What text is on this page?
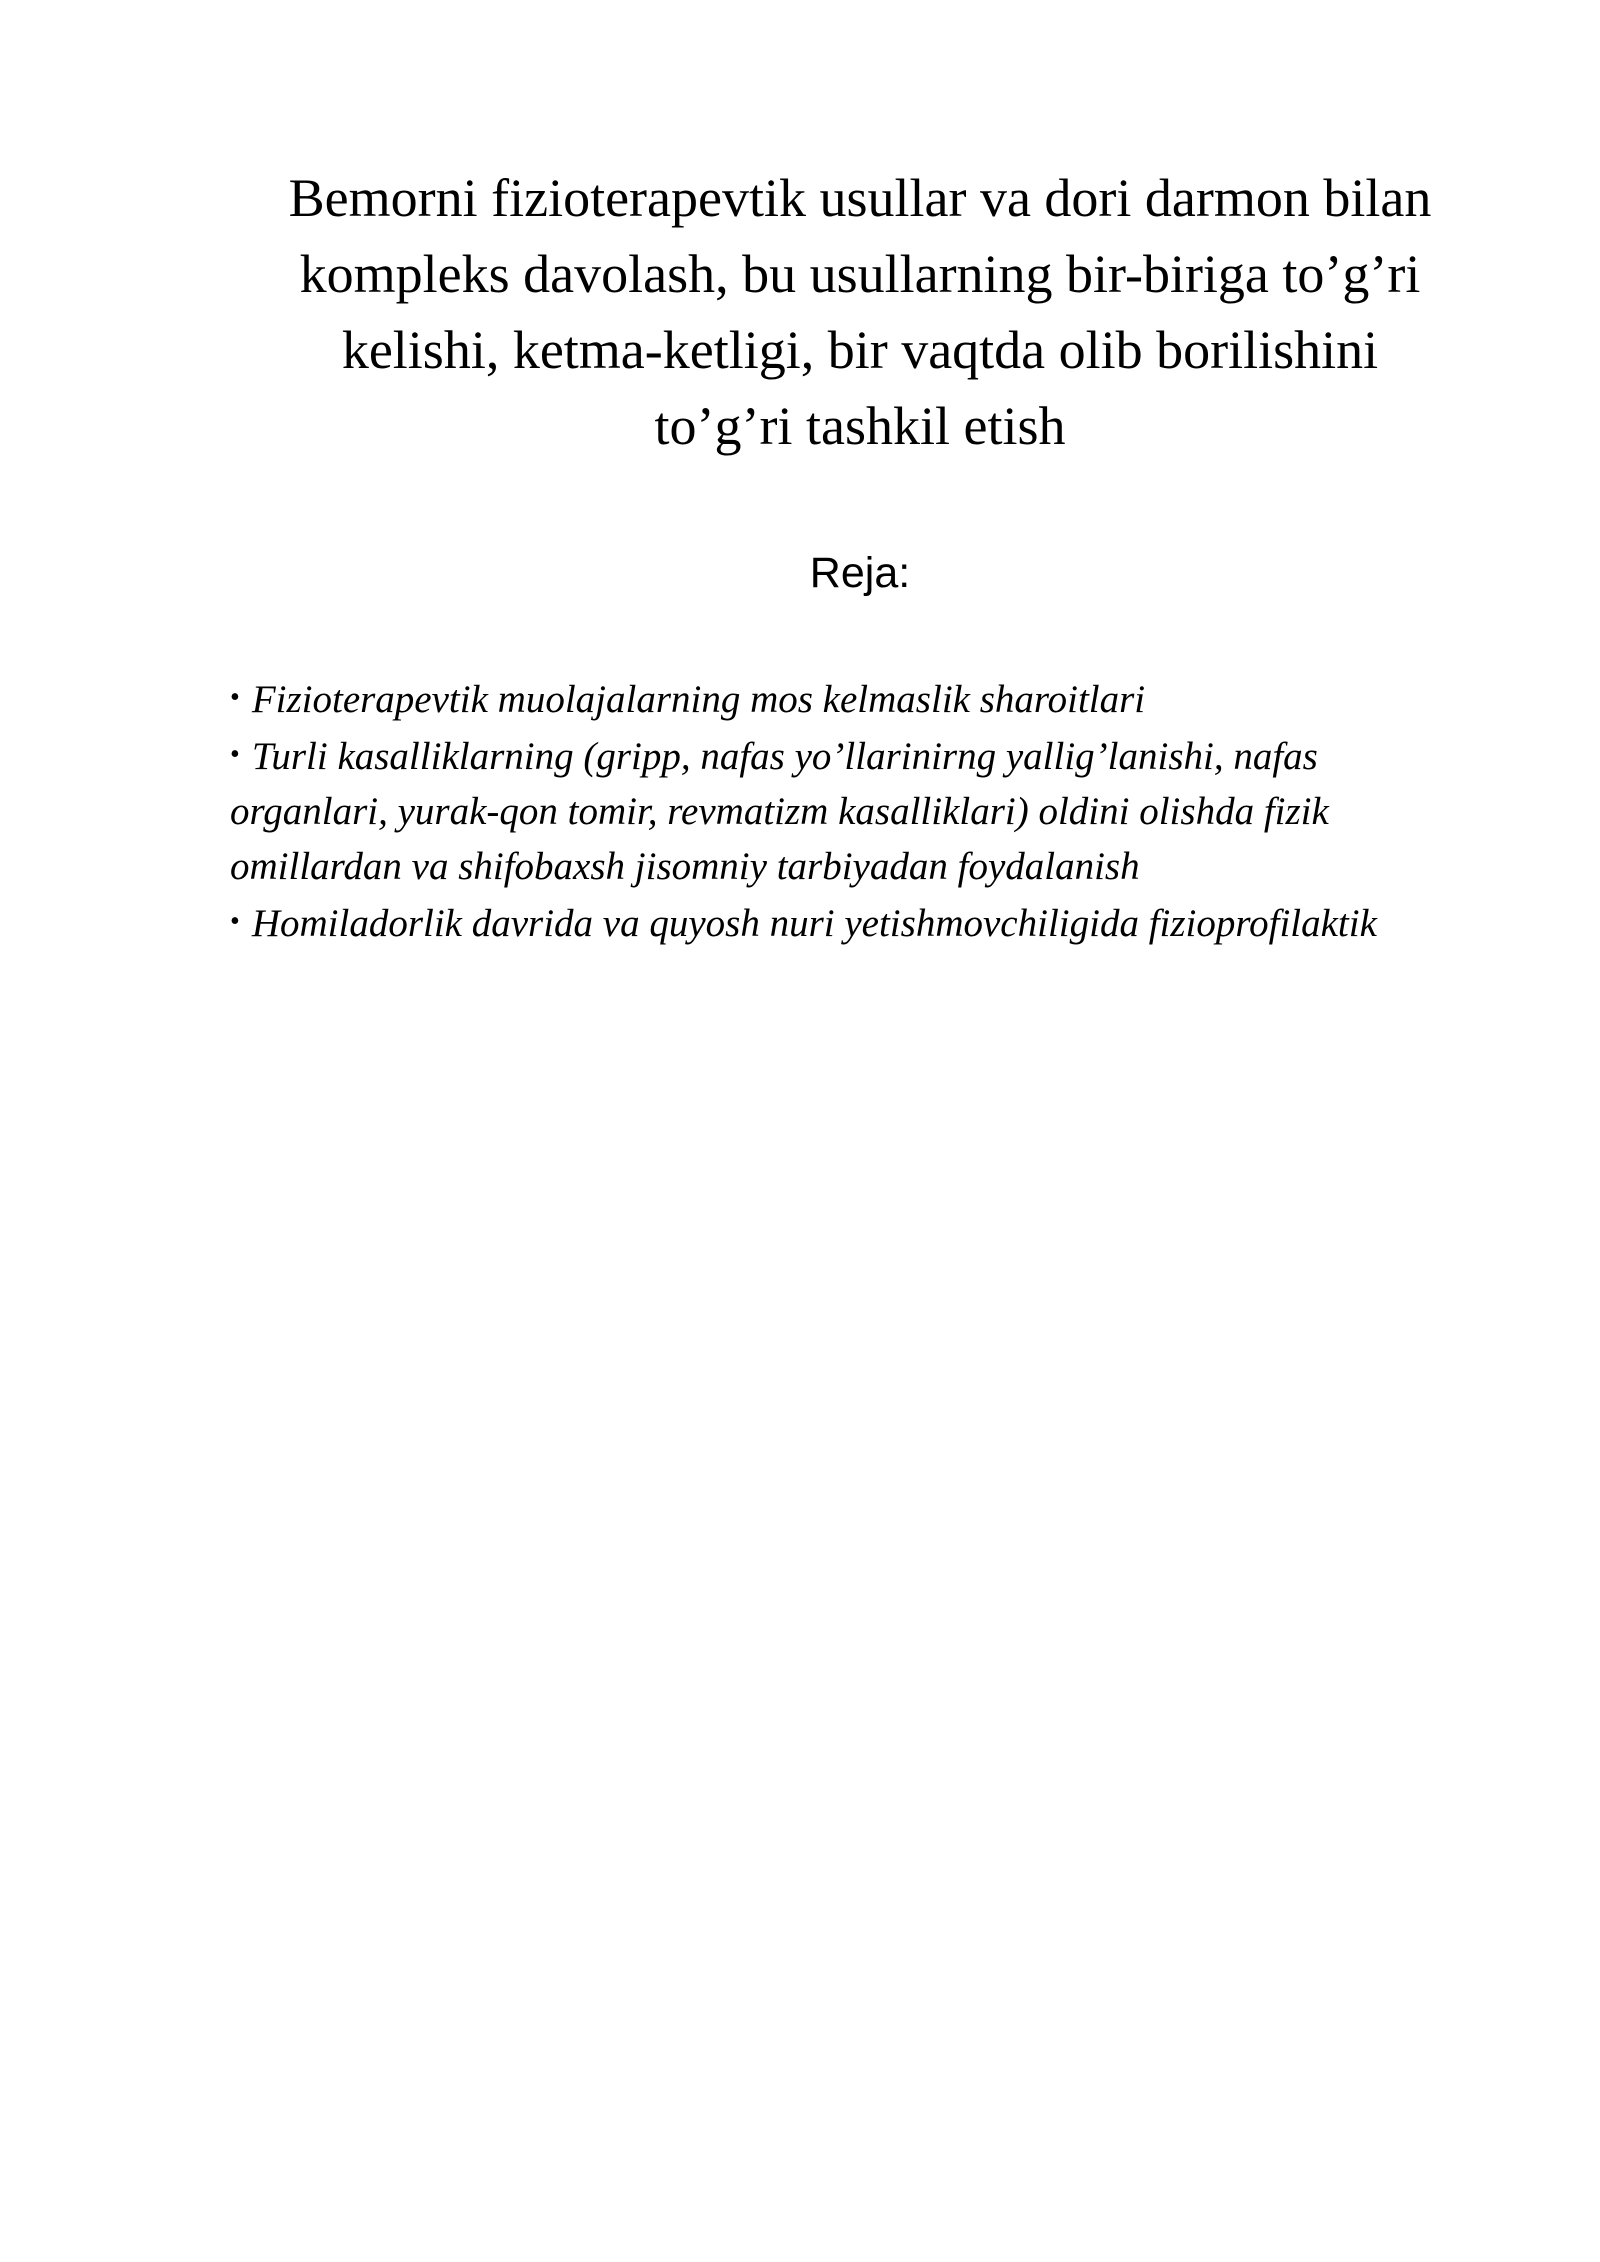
Bemorni fizioterapevtik usullar va dori darmon bilan
kompleks davolash, bu usullarning bir-biriga to’g’ri
kelishi, ketma-ketligi, bir vaqtda olib borilishini
to’g’ri tashkil etish
Reja:
• Fizioterapevtik muolajalarning mos kelmaslik sharoitlari
• Turli kasalliklarning (gripp, nafas yo’llarinirng yallig’lanishi, nafas organlari, yurak-qon tomir, revmatizm kasalliklari) oldini olishda fizik omillardan va shifobaxsh jisomniy tarbiyadan foydalanish
• Homiladorlik davrida va quyosh nuri yetishmovchiligida fizioprofilaktik
